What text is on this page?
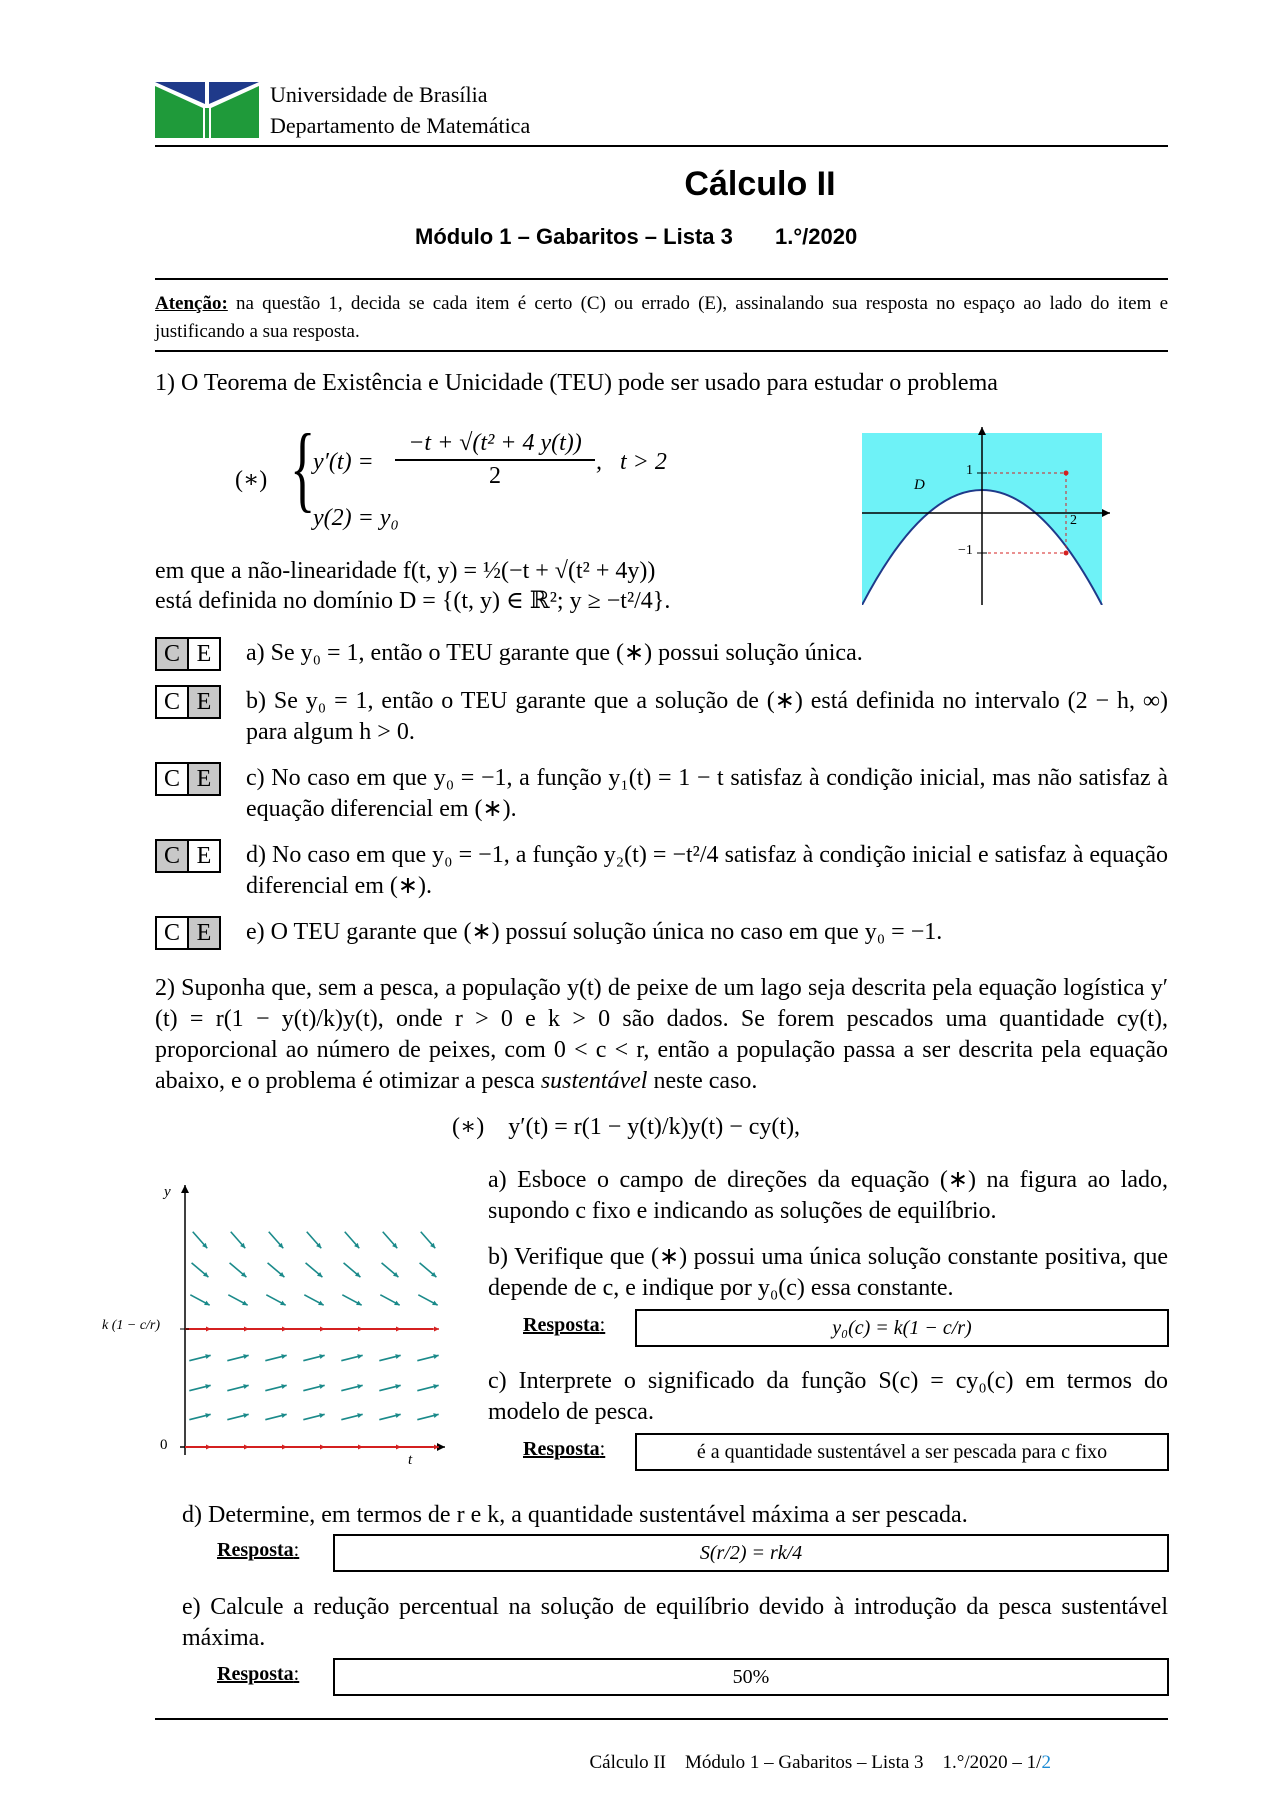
Universidade de Brasília
Departamento de Matemática
Cálculo II
Módulo 1 – Gabaritos – Lista 3 1.°/2020
Atenção: na questão 1, decida se cada item é certo (C) ou errado (E), assinalando sua resposta no espaço ao lado do item e justificando a sua resposta.
1) O Teorema de Existência e Unicidade (TEU) pode ser usado para estudar o problema
(∗) {
$y'(t) = \frac{\text{−t + √(t² + 4 y(t))}}{2}$ ,   t > 2
y(2) = y₀
em que a não-linearidade f(t, y) = ½(−t + √(t² + 4y))
está definida no domínio D = {(t, y) ∈ ℝ²; y ≥ −t²/4}.
D
1
−1
2
C E	a) Se y₀ = 1, então o TEU garante que (∗) possui solução única.
C E	b) Se y₀ = 1, então o TEU garante que a solução de (∗) está definida no intervalo (2 − h, ∞) para algum h > 0.
C E	c) No caso em que y₀ = −1, a função y₁(t) = 1 − t satisfaz à condição inicial, mas não satisfaz à equação diferencial em (∗).
C E	d) No caso em que y₀ = −1, a função y₂(t) = −t²/4 satisfaz à condição inicial e satisfaz à equação diferencial em (∗).
C E	e) O TEU garante que (∗) possuí solução única no caso em que y₀ = −1.
2) Suponha que, sem a pesca, a população y(t) de peixe de um lago seja descrita pela equação logística y′(t) = r(1 − y(t)/k)y(t), onde r > 0 e k > 0 são dados. Se forem pescados uma quantidade cy(t), proporcional ao número de peixes, com 0 < c < r, então a população passa a ser descrita pela equação abaixo, e o problema é otimizar a pesca sustentável neste caso.
(∗)    y′(t) = r(1 − y(t)/k)y(t) − cy(t),
y
t
0
k (1 − c/r)
a) Esboce o campo de direções da equação (∗) na figura ao lado, supondo c fixo e indicando as soluções de equilíbrio.
b) Verifique que (∗) possui uma única solução constante positiva, que depende de c, e indique por y₀(c) essa constante.
Resposta:	y₀(c) = k(1 − c/r)
c) Interprete o significado da função S(c) = cy₀(c) em termos do modelo de pesca.
Resposta:	é a quantidade sustentável a ser pescada para c fixo
d) Determine, em termos de r e k, a quantidade sustentável máxima a ser pescada.
Resposta:	S(r/2) = rk/4
e) Calcule a redução percentual na solução de equilíbrio devido à introdução da pesca sustentável máxima.
Resposta:	50%

Cálculo II    Módulo 1 – Gabaritos – Lista 3    1.°/2020 – 1/2
